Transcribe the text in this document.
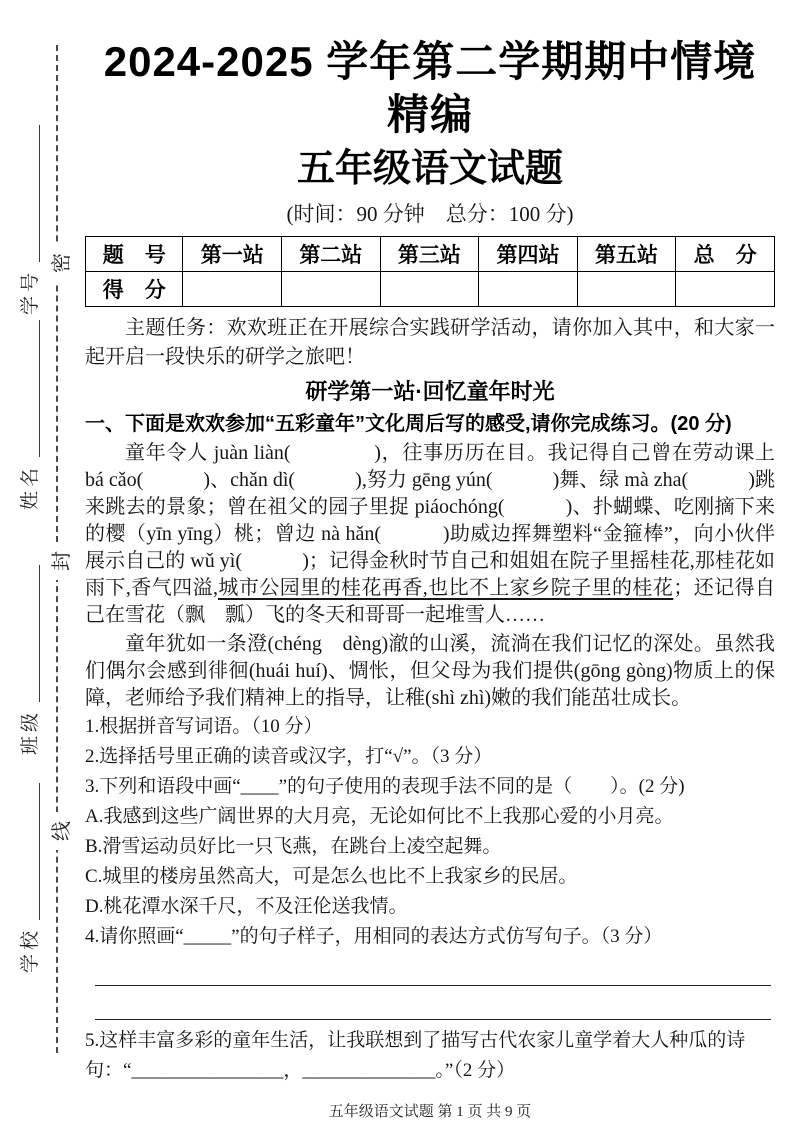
密
封
线
学号
姓名
班级
学校
2024-2025 学年第二学期期中情境精编
五年级语文试题
(时间：90 分钟　总分：100 分)
题　号	第一站	第二站	第三站	第四站	第五站	总　分
得　分						

主题任务：欢欢班正在开展综合实践研学活动，请你加入其中，和大家一起开启一段快乐的研学之旅吧！

研学第一站·回忆童年时光
一、下面是欢欢参加“五彩童年”文化周后写的感受,请你完成练习。(20 分)

童年令人 juàn liàn(　　　　)，往事历历在目。我记得自己曾在劳动课上 bá cǎo(　　　)、chǎn dì(　　　),努力 gēng yún(　　　)舞、绿 mà zha(　　　)跳来跳去的景象；曾在祖父的园子里捉 piáochóng(　　　)、扑蝴蝶、吃刚摘下来的樱（yīn yīng）桃；曾边 nà hǎn(　　　)助威边挥舞塑料“金箍棒”，向小伙伴展示自己的 wǔ yì(　　　)；记得金秋时节自己和姐姐在院子里摇桂花,那桂花如雨下,香气四溢,城市公园里的桂花再香,也比不上家乡院子里的桂花；还记得自己在雪花（飘　瓢）飞的冬天和哥哥一起堆雪人……

童年犹如一条澄(chéng　dèng)澈的山溪，流淌在我们记忆的深处。虽然我们偶尔会感到徘徊(huái huí)、惆怅，但父母为我们提供(gōng gòng)物质上的保障，老师给予我们精神上的指导，让稚(shì zhì)嫩的我们能茁壮成长。

1.根据拼音写词语。（10 分）

2.选择括号里正确的读音或汉字，打“√”。（3 分）

3.下列和语段中画“____”的句子使用的表现手法不同的是（　　）。(2 分)

A.我感到这些广阔世界的大月亮，无论如何比不上我那心爱的小月亮。

B.滑雪运动员好比一只飞燕，在跳台上凌空起舞。

C.城里的楼房虽然高大，可是怎么也比不上我家乡的民居。

D.桃花潭水深千尺，不及汪伦送我情。

4.请你照画“_____”的句子样子，用相同的表达方式仿写句子。（3 分）

5.这样丰富多彩的童年生活，让我联想到了描写古代农家儿童学着大人种瓜的诗句：“________________，______________。”（2 分）

五年级语文试题 第 1 页 共 9 页
